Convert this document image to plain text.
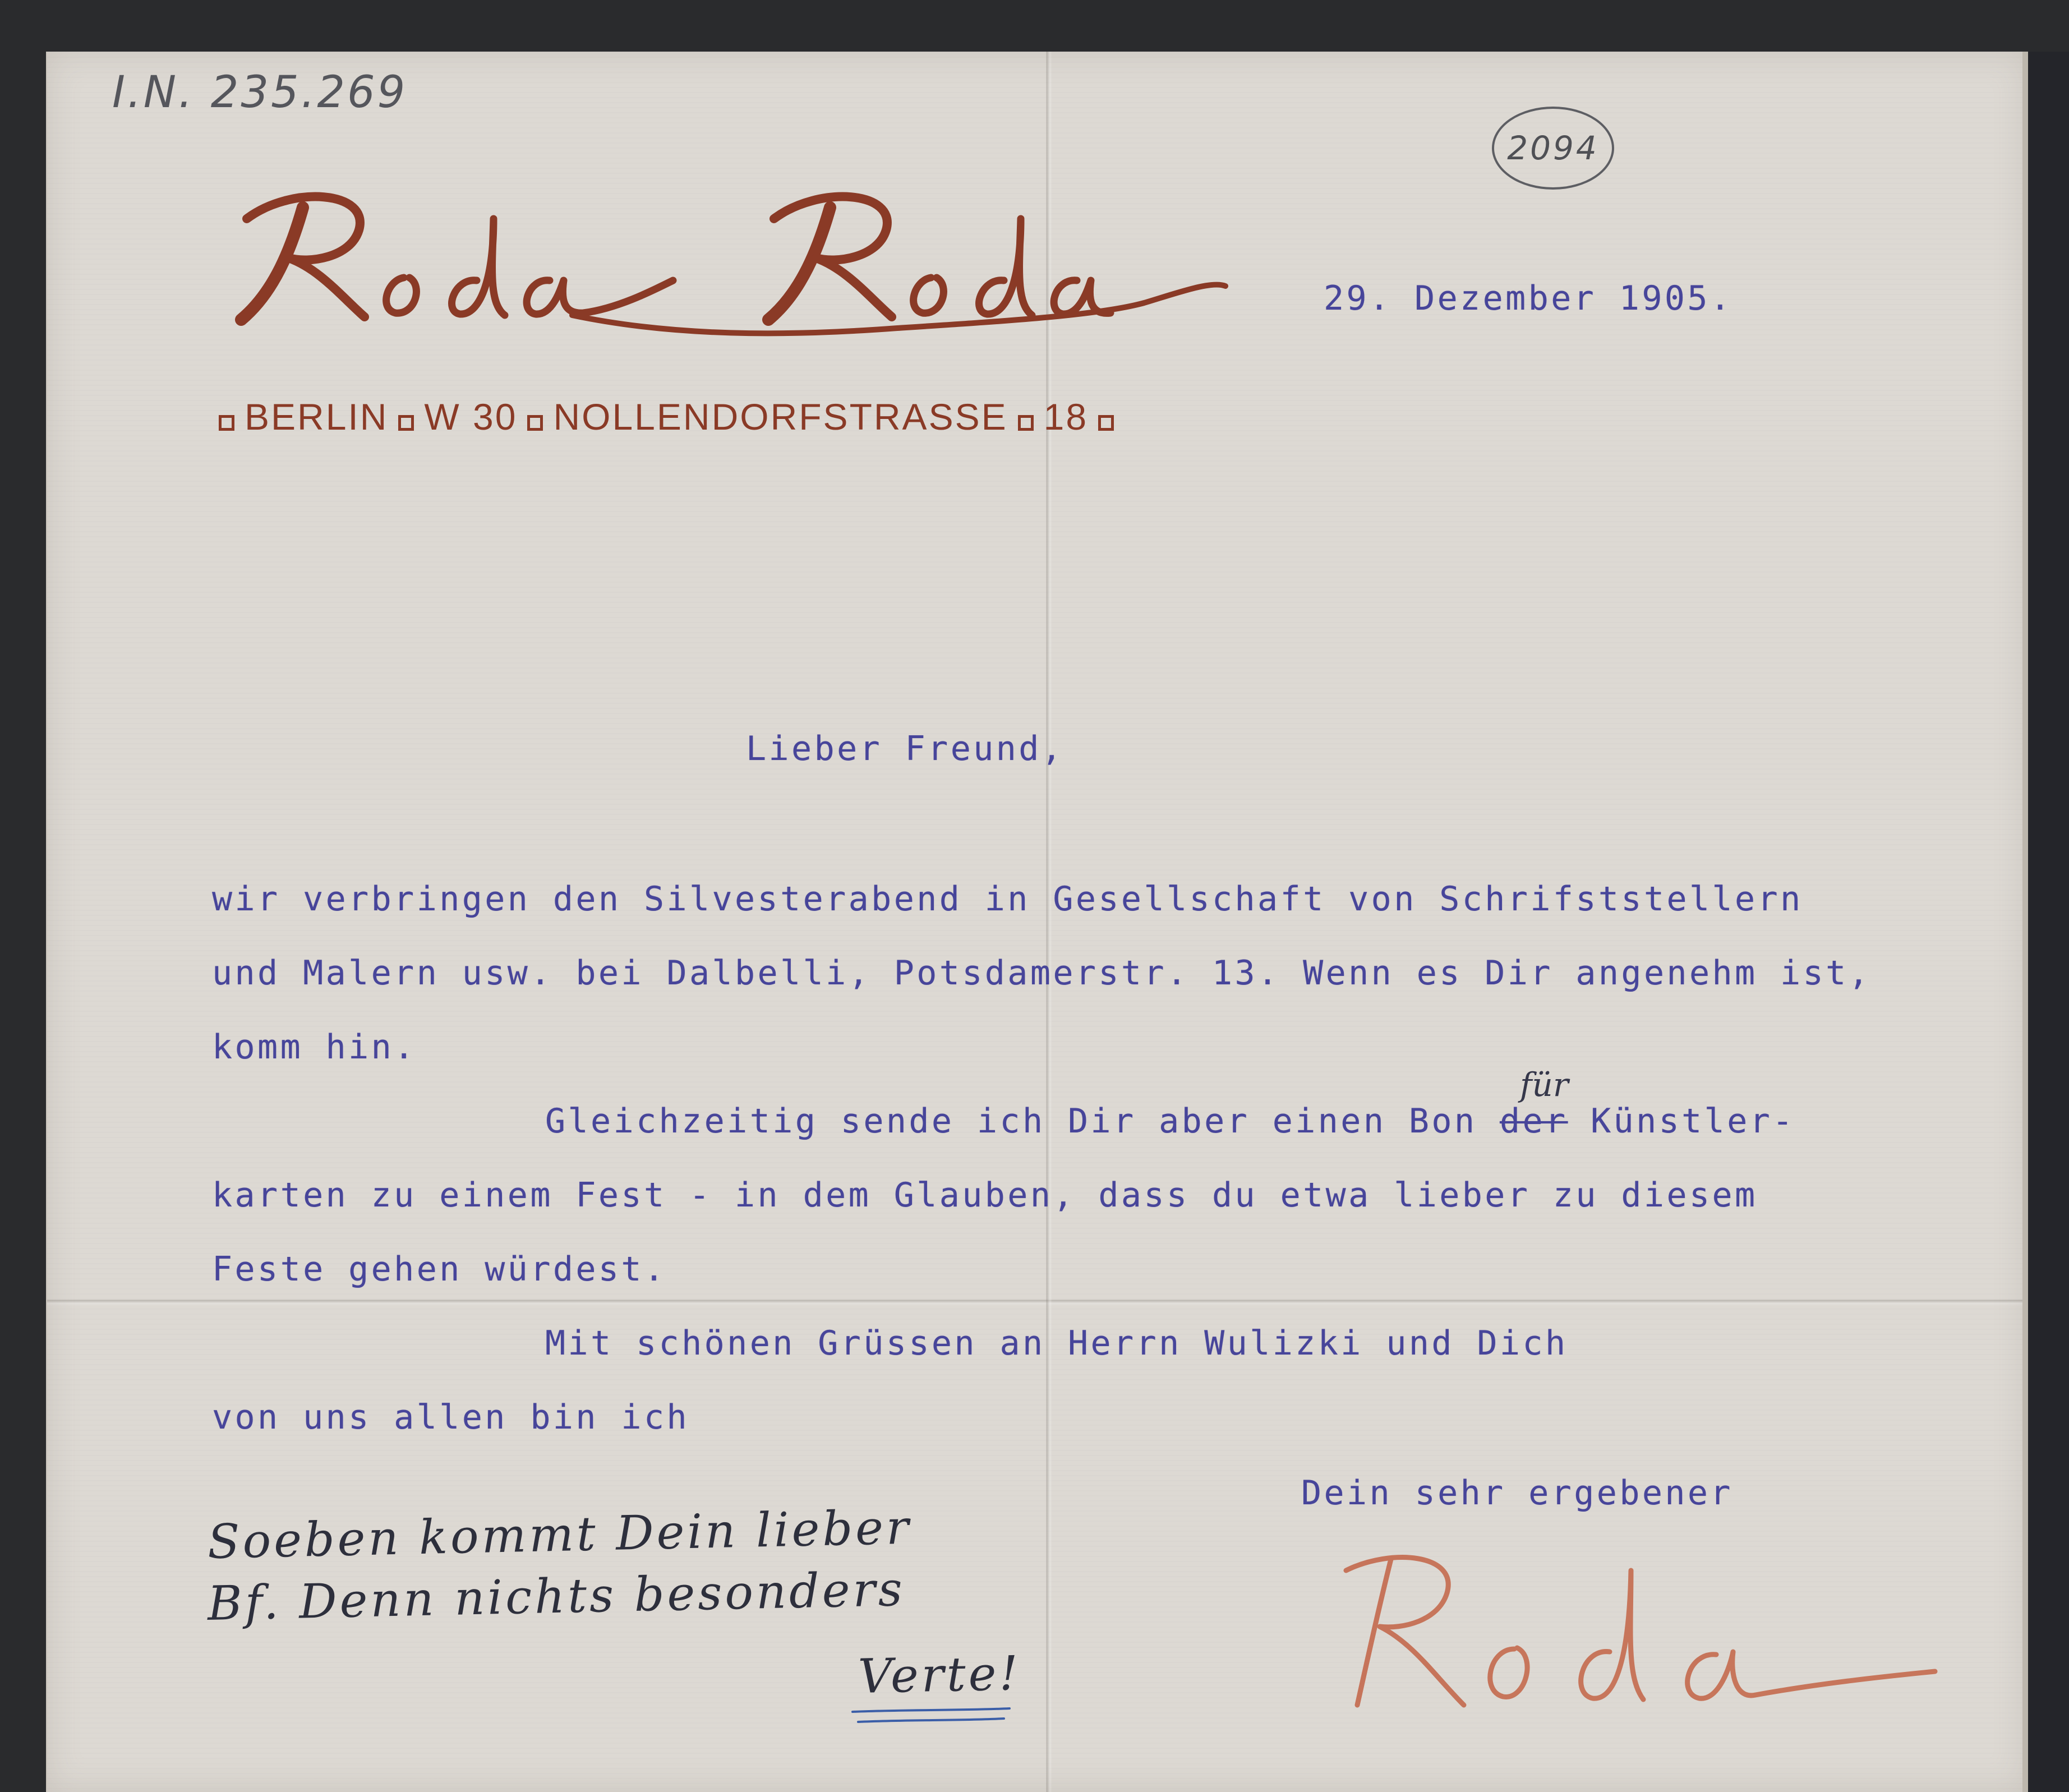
I.N. 235.269
2094
BERLIN W 30 NOLLENDORFSTRASSE 18
29. Dezember 1905.
Lieber Freund,
wir verbringen den Silvesterabend in Gesellschaft von Schrifststellern
und Malern usw. bei Dalbelli, Potsdamerstr. 13. Wenn es Dir angenehm ist,
komm hin.
Gleichzeitig sende ich Dir aber einen Bon der Künstler-
für
karten zu einem Fest - in dem Glauben, dass du etwa lieber zu diesem
Feste gehen würdest.
Mit schönen Grüssen an Herrn Wulizki und Dich
von uns allen bin ich
Dein sehr ergebener
Soeben kommt Dein lieber
Bf. Denn nichts besonders
Verte!
